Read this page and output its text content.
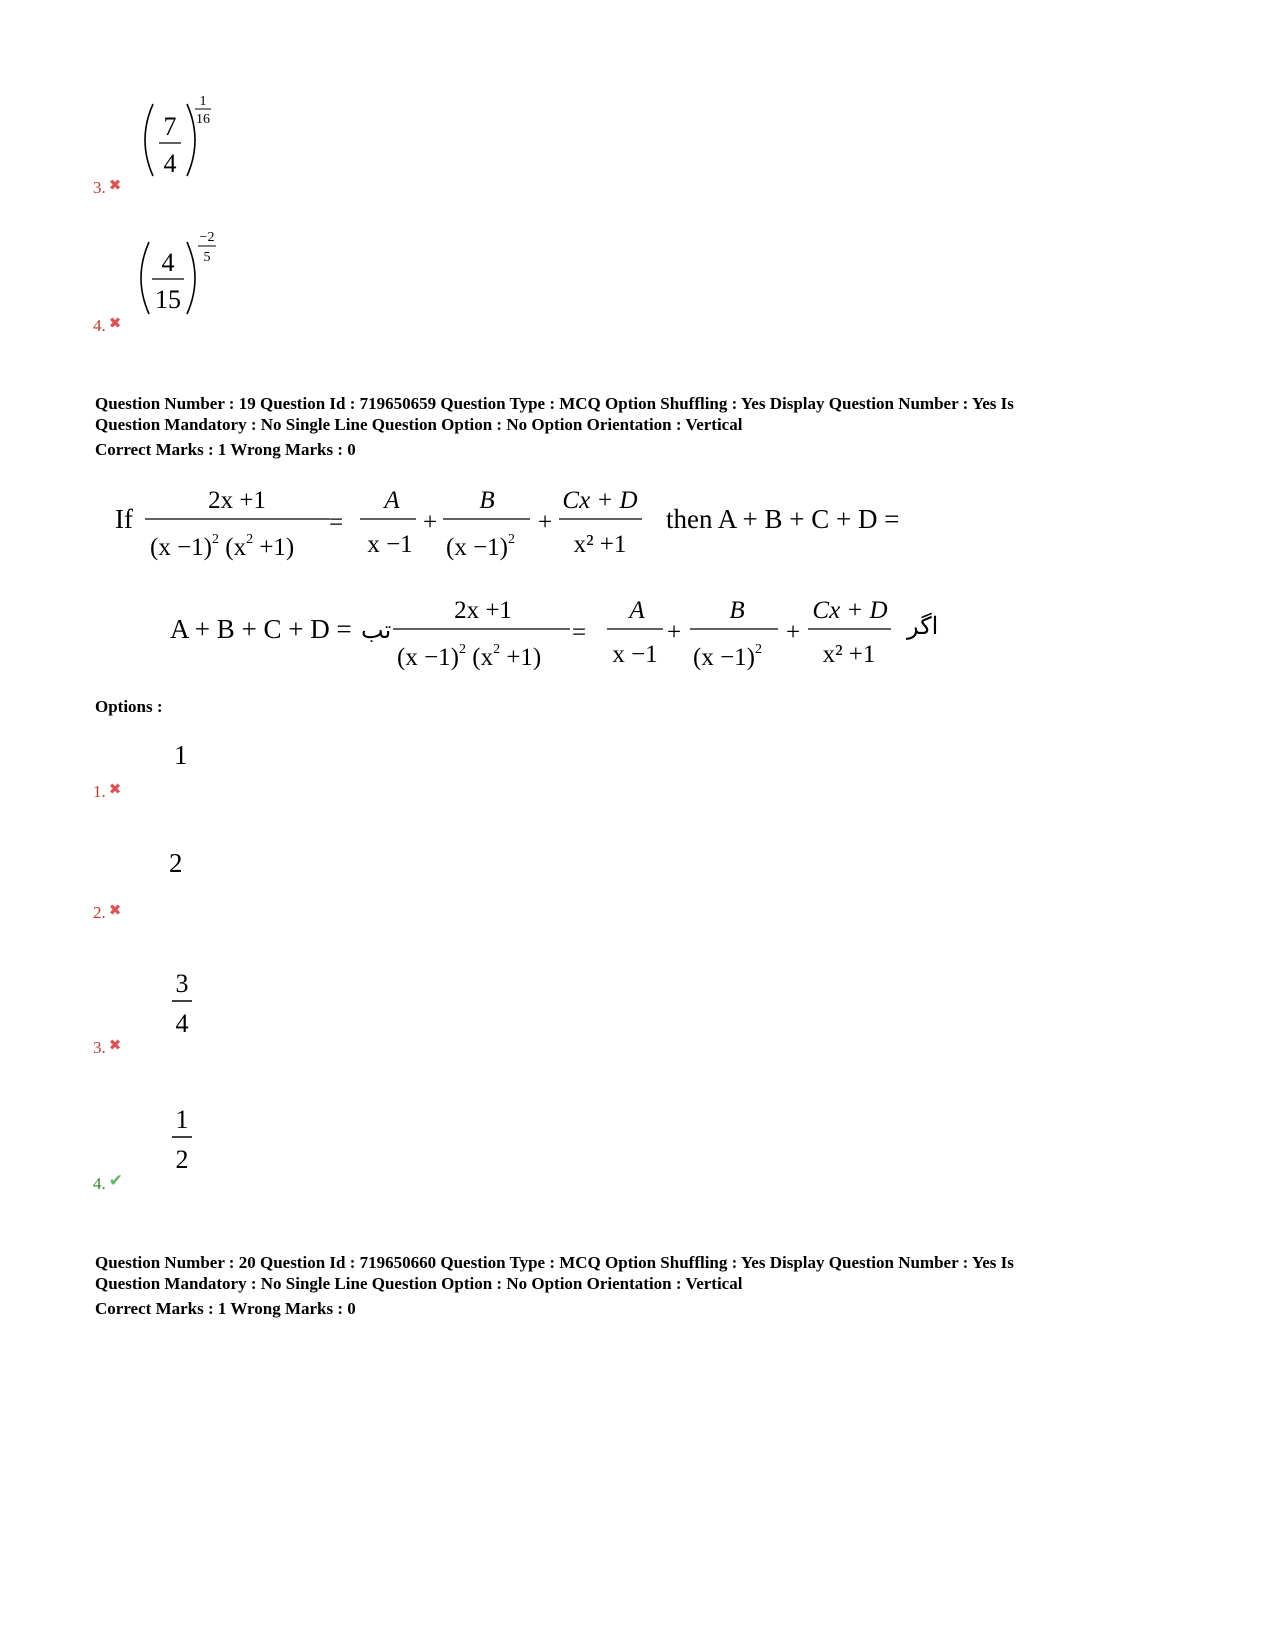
7
4
1
16
3. ✖
4
15
−2
5
4. ✖

Question Number : 19 Question Id : 719650659 Question Type : MCQ Option Shuffling : Yes Display Question Number : Yes Is

Question Mandatory : No Single Line Question Option : No Option Orientation : Vertical

Correct Marks : 1 Wrong Marks : 0

If
2x +1
$(x -1)^2$ $(x^2 +1)$
=
A
x −1
+
B
$(x -1)^2$
+
Cx + D
x² +1
then A + B + C + D =
A + B + C + D = تب
2x +1
$(x -1)^2$ $(x^2 +1)$
=
A
x −1
+
B
$(x -1)^2$
+
Cx + D
x² +1
اگر
Options :
1
1. ✖
2
2. ✖
3
4
3. ✖
1
2
4. ✔

Question Number : 20 Question Id : 719650660 Question Type : MCQ Option Shuffling : Yes Display Question Number : Yes Is

Question Mandatory : No Single Line Question Option : No Option Orientation : Vertical

Correct Marks : 1 Wrong Marks : 0
